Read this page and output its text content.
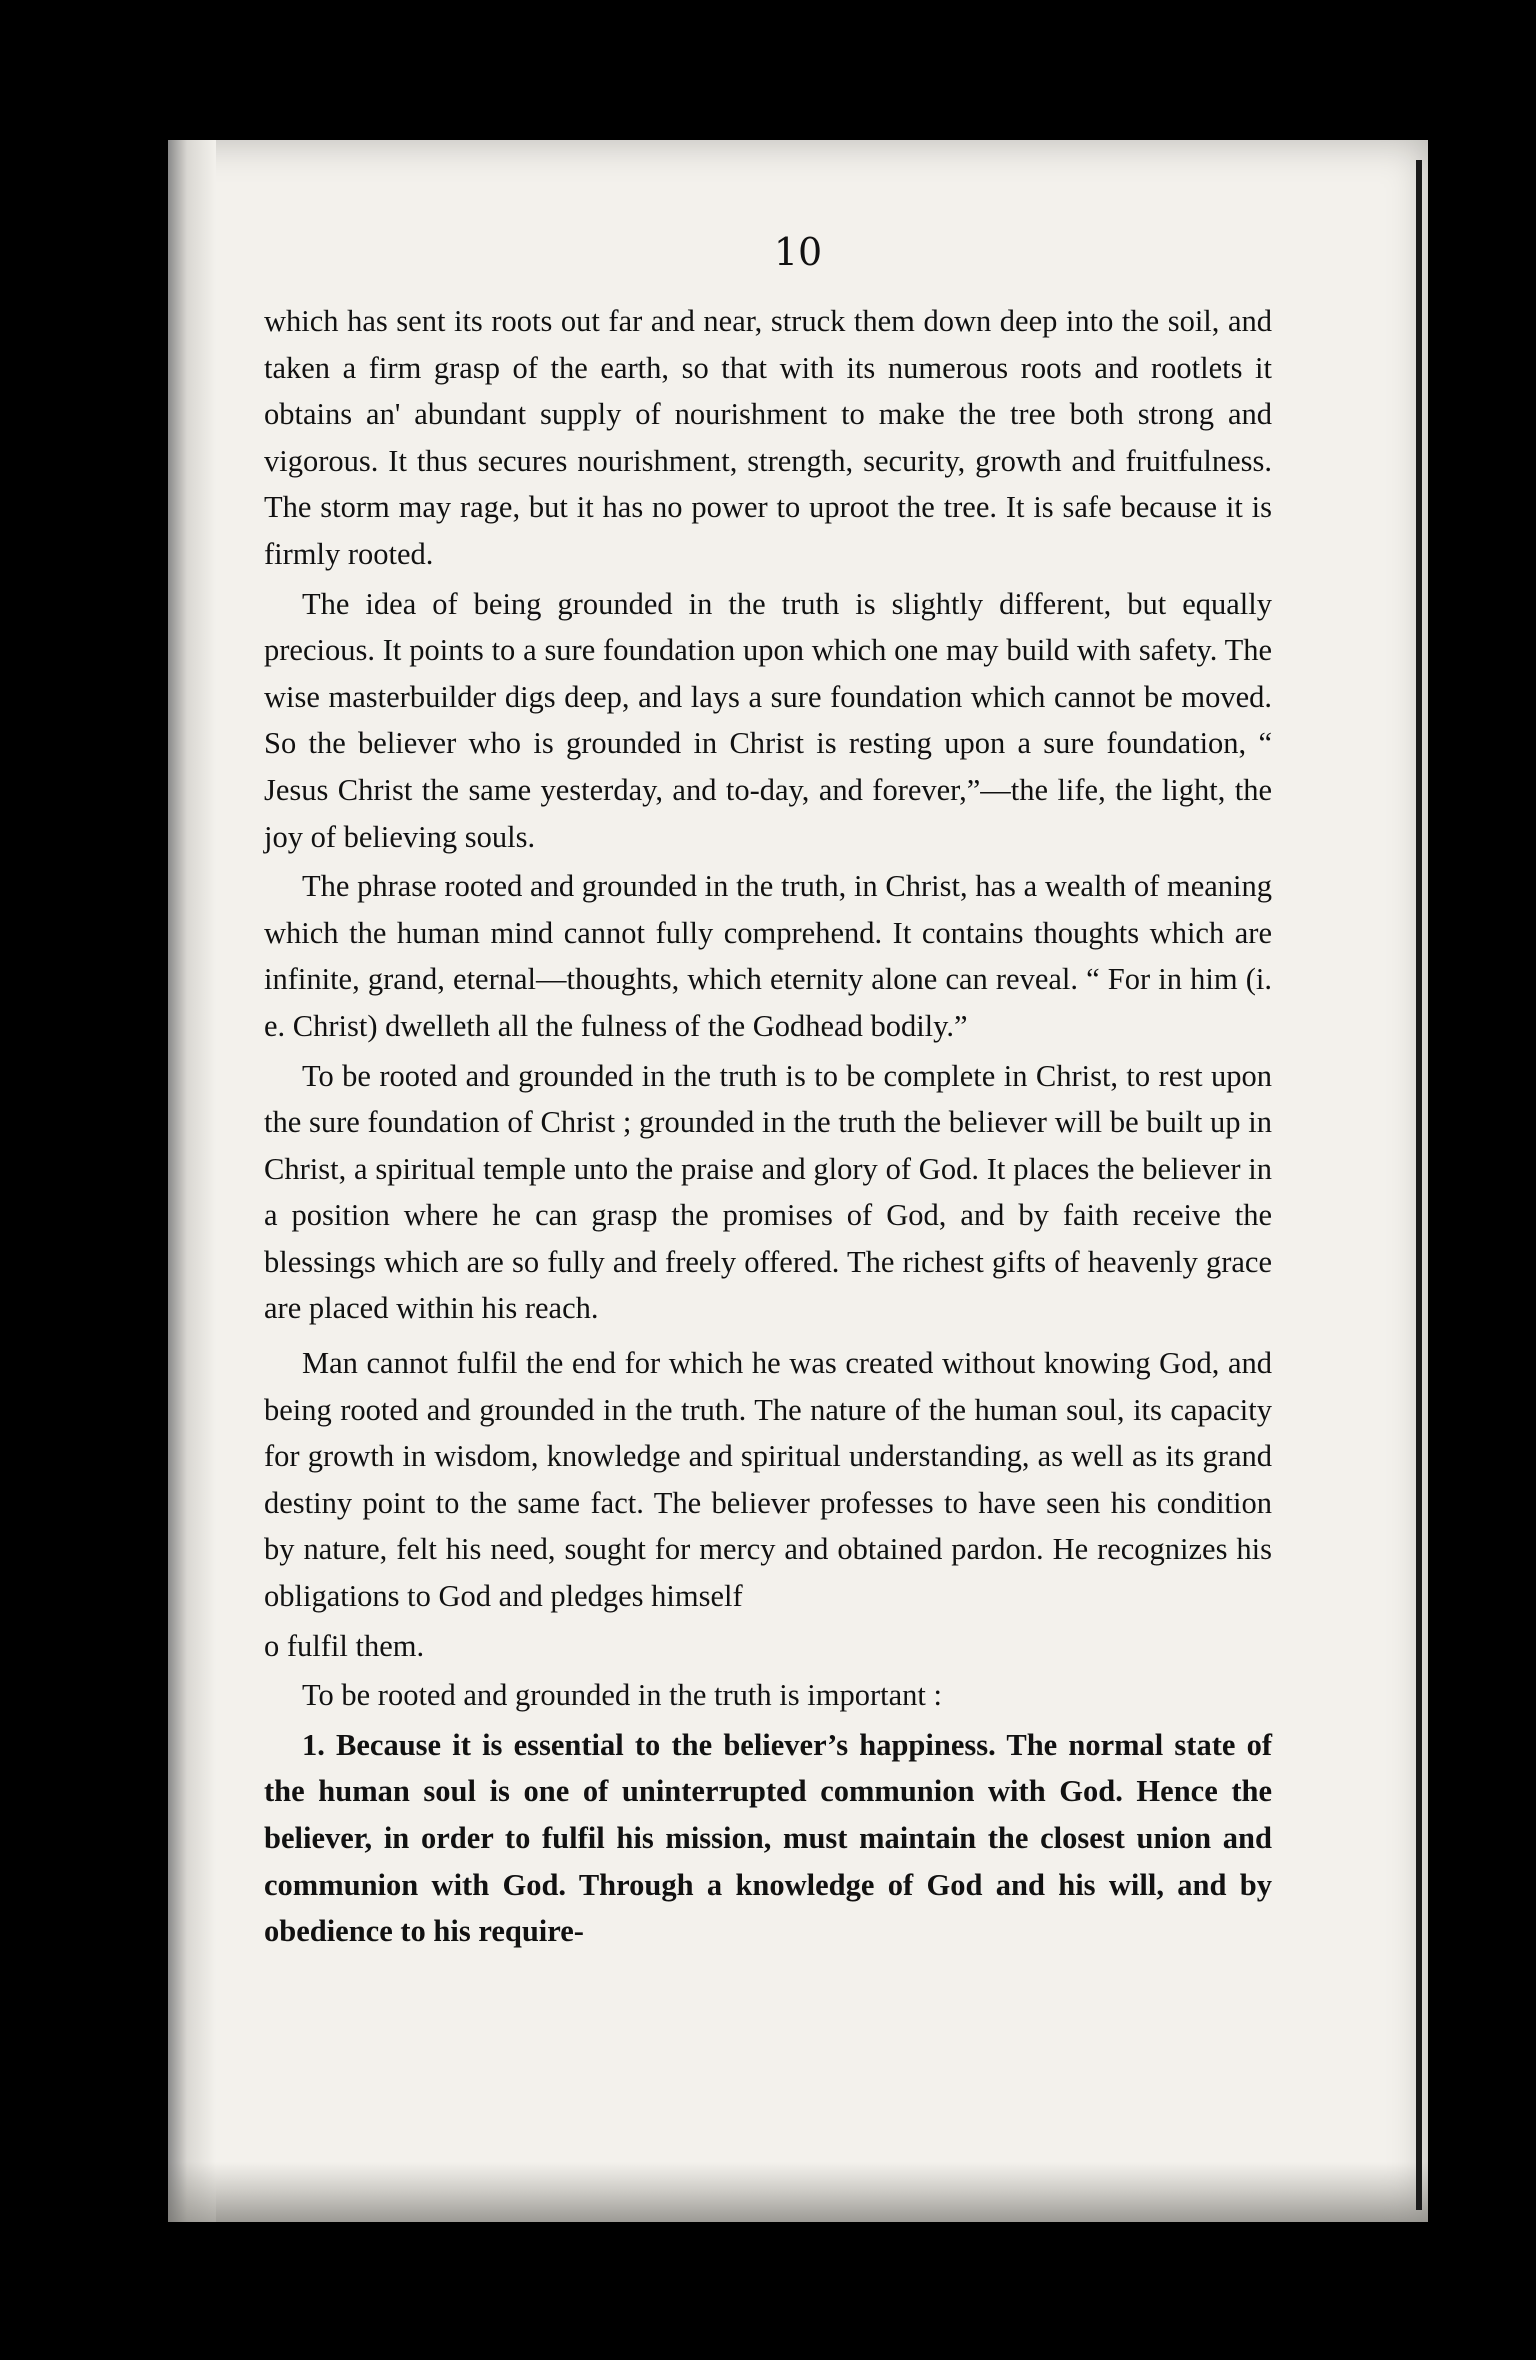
10

which has sent its roots out far and near, struck them down deep into the soil, and taken a firm grasp of the earth, so that with its numerous roots and rootlets it obtains an' abundant supply of nourishment to make the tree both strong and vigorous. It thus secures nourishment, strength, security, growth and fruitfulness. The storm may rage, but it has no power to uproot the tree. It is safe because it is firmly rooted.

The idea of being grounded in the truth is slightly different, but equally precious. It points to a sure foundation upon which one may build with safety. The wise masterbuilder digs deep, and lays a sure foundation which cannot be moved. So the believer who is grounded in Christ is resting upon a sure foundation, “ Jesus Christ the same yesterday, and to-day, and forever,”—the life, the light, the joy of believing souls.

The phrase rooted and grounded in the truth, in Christ, has a wealth of meaning which the human mind cannot fully comprehend. It contains thoughts which are infinite, grand, eternal—thoughts, which eternity alone can reveal. “ For in him (i. e. Christ) dwelleth all the fulness of the Godhead bodily.”

To be rooted and grounded in the truth is to be complete in Christ, to rest upon the sure foundation of Christ ; grounded in the truth the believer will be built up in Christ, a spiritual temple unto the praise and glory of God. It places the believer in a position where he can grasp the promises of God, and by faith receive the blessings which are so fully and freely offered. The richest gifts of heavenly grace are placed within his reach.

Man cannot fulfil the end for which he was created without knowing God, and being rooted and grounded in the truth. The nature of the human soul, its capacity for growth in wisdom, knowledge and spiritual understanding, as well as its grand destiny point to the same fact. The believer professes to have seen his condition by nature, felt his need, sought for mercy and obtained pardon. He recognizes his obligations to God and pledges himself

o fulfil them.

To be rooted and grounded in the truth is important :

1. Because it is essential to the believer’s happiness. The normal state of the human soul is one of uninterrupted communion with God. Hence the believer, in order to fulfil his mission, must maintain the closest union and communion with God. Through a knowledge of God and his will, and by obedience to his require-
